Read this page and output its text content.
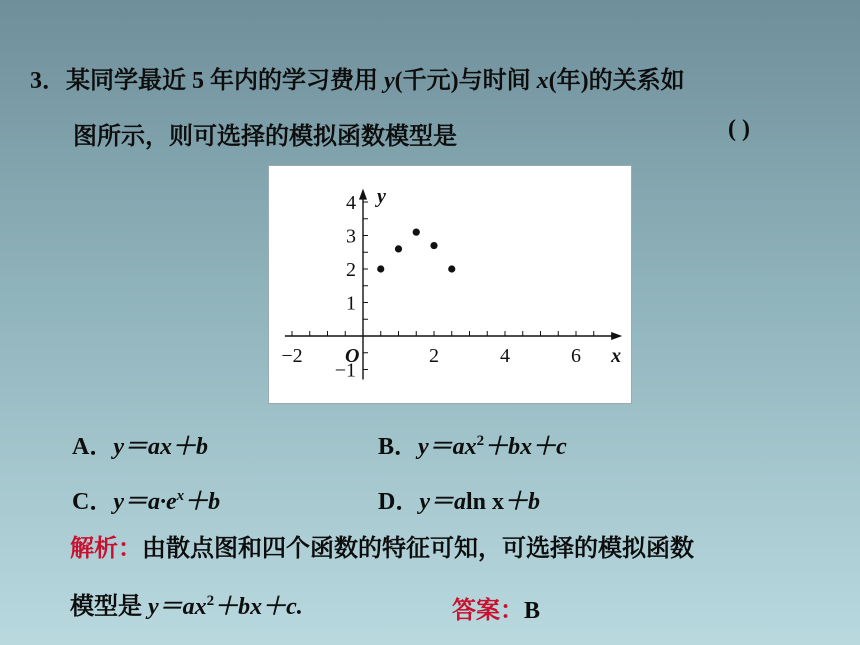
3．某同学最近 5 年内的学习费用 y(千元)与时间 x(年)的关系如
图所示，则可选择的模拟函数模型是	( )
−2	2	4	6
4
3
2
1
−1
O	x
y
A．y＝ax＋b	B．$y=ax^2+bx+c$
C．$y=a\cdot e^x+b$	D．y＝aln x＋b
解析：由散点图和四个函数的特征可知，可选择的模拟函数
模型是 $y=ax^2+bx+c$.	答案：B
